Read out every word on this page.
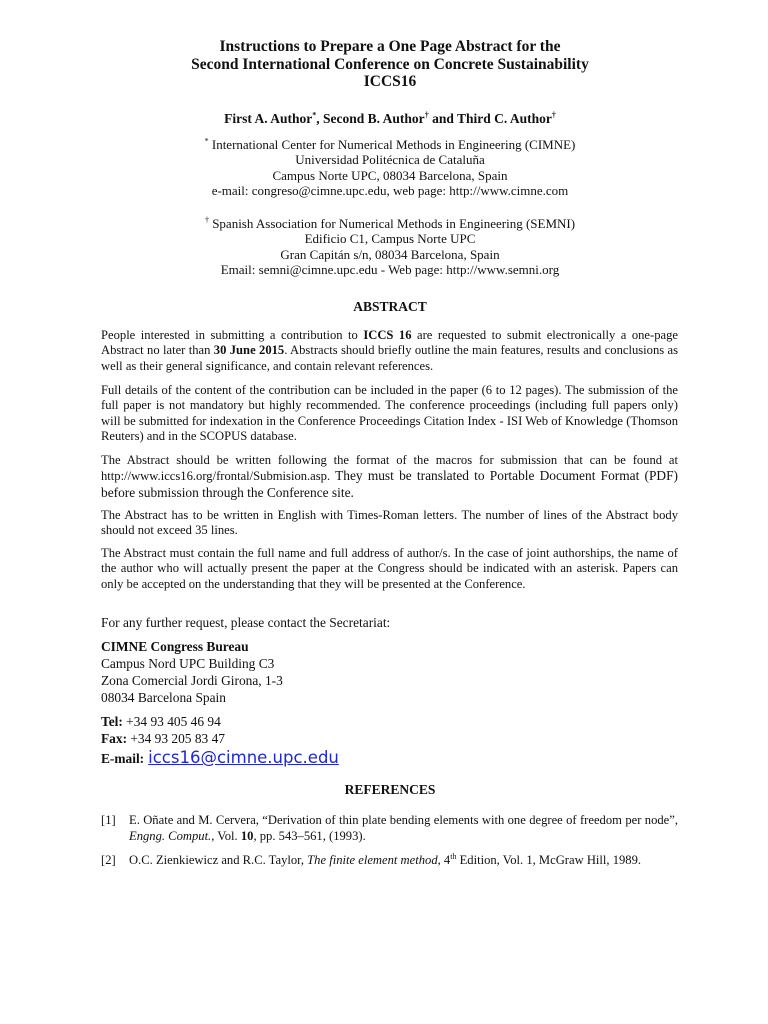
Instructions to Prepare a One Page Abstract for the
Second International Conference on Concrete Sustainability
ICCS16
First A. Author*, Second B. Author† and Third C. Author†
* International Center for Numerical Methods in Engineering (CIMNE)
Universidad Politécnica de Cataluña
Campus Norte UPC, 08034 Barcelona, Spain
e-mail: congreso@cimne.upc.edu, web page: http://www.cimne.com
† Spanish Association for Numerical Methods in Engineering (SEMNI)
Edificio C1, Campus Norte UPC
Gran Capitán s/n, 08034 Barcelona, Spain
Email: semni@cimne.upc.edu - Web page: http://www.semni.org
ABSTRACT
People interested in submitting a contribution to ICCS 16 are requested to submit electronically a one-page Abstract no later than 30 June 2015. Abstracts should briefly outline the main features, results and conclusions as well as their general significance, and contain relevant references.
Full details of the content of the contribution can be included in the paper (6 to 12 pages). The submission of the full paper is not mandatory but highly recommended. The conference proceedings (including full papers only) will be submitted for indexation in the Conference Proceedings Citation Index - ISI Web of Knowledge (Thomson Reuters) and in the SCOPUS database.
The Abstract should be written following the format of the macros for submission that can be found at http://www.iccs16.org/frontal/Submision.asp. They must be translated to Portable Document Format (PDF) before submission through the Conference site.
The Abstract has to be written in English with Times-Roman letters. The number of lines of the Abstract body should not exceed 35 lines.
The Abstract must contain the full name and full address of author/s. In the case of joint authorships, the name of the author who will actually present the paper at the Congress should be indicated with an asterisk. Papers can only be accepted on the understanding that they will be presented at the Conference.
For any further request, please contact the Secretariat:
CIMNE Congress Bureau
Campus Nord UPC Building C3
Zona Comercial Jordi Girona, 1-3
08034 Barcelona Spain
Tel: +34 93 405 46 94
Fax: +34 93 205 83 47
E-mail: iccs16@cimne.upc.edu
REFERENCES
[1] E. Oñate and M. Cervera, “Derivation of thin plate bending elements with one degree of freedom per node”, Engng. Comput., Vol. 10, pp. 543–561, (1993).
[2] O.C. Zienkiewicz and R.C. Taylor, The finite element method, 4th Edition, Vol. 1, McGraw Hill, 1989.
